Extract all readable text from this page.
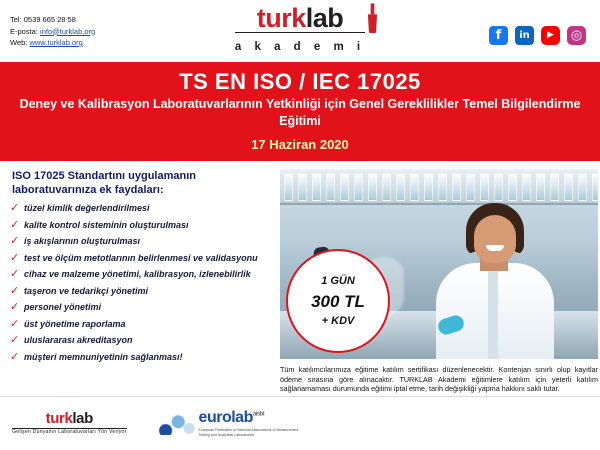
Tel: 0539 665 28 58
E-posta: info@turklab.org
Web: www.turklab.org
turklab
a k a d e m i
f	in	▶	◎
TS EN ISO / IEC 17025
Deney ve Kalibrasyon Laboratuvarlarının Yetkinliği için Genel Gereklilikler Temel Bilgilendirme Eğitimi
17 Haziran 2020
ISO 17025 Standartını uygulamanın laboratuvarınıza ek faydaları:
✓ tüzel kimlik değerlendirilmesi
✓ kalite kontrol sisteminin oluşturulması
✓ iş akışlarının oluşturulması
✓ test ve ölçüm metotlarının belirlenmesi ve validasyonu
✓ cihaz ve malzeme yönetimi, kalibrasyon, izlenebilirlik
✓ taşeron ve tedarikçi yönetimi
✓ personel yönetimi
✓ üst yönetime raporlama
✓ uluslararası akreditasyon
✓ müşteri memnuniyetinin sağlanması!
1 GÜN
300 TL
+ KDV
Tüm katılımcılarımıza eğitime katılım sertifikası düzenlenecektir. Kontenjan sınırlı olup kayıtlar ödeme sırasına göre alınacaktır. TURKLAB Akademi eğitimlere katılım için yeterli katılım sağlanamaması durumunda eğitimi iptal etme, tarih değişikliği yapma hakkını saklı tutar.
turklab
Gelişen Dünyanın Laboratuvarları Yön Veriyor
eurolab$^{aisbl}$
European Federation of National Associations of Measurement, Testing and Analytical Laboratories
